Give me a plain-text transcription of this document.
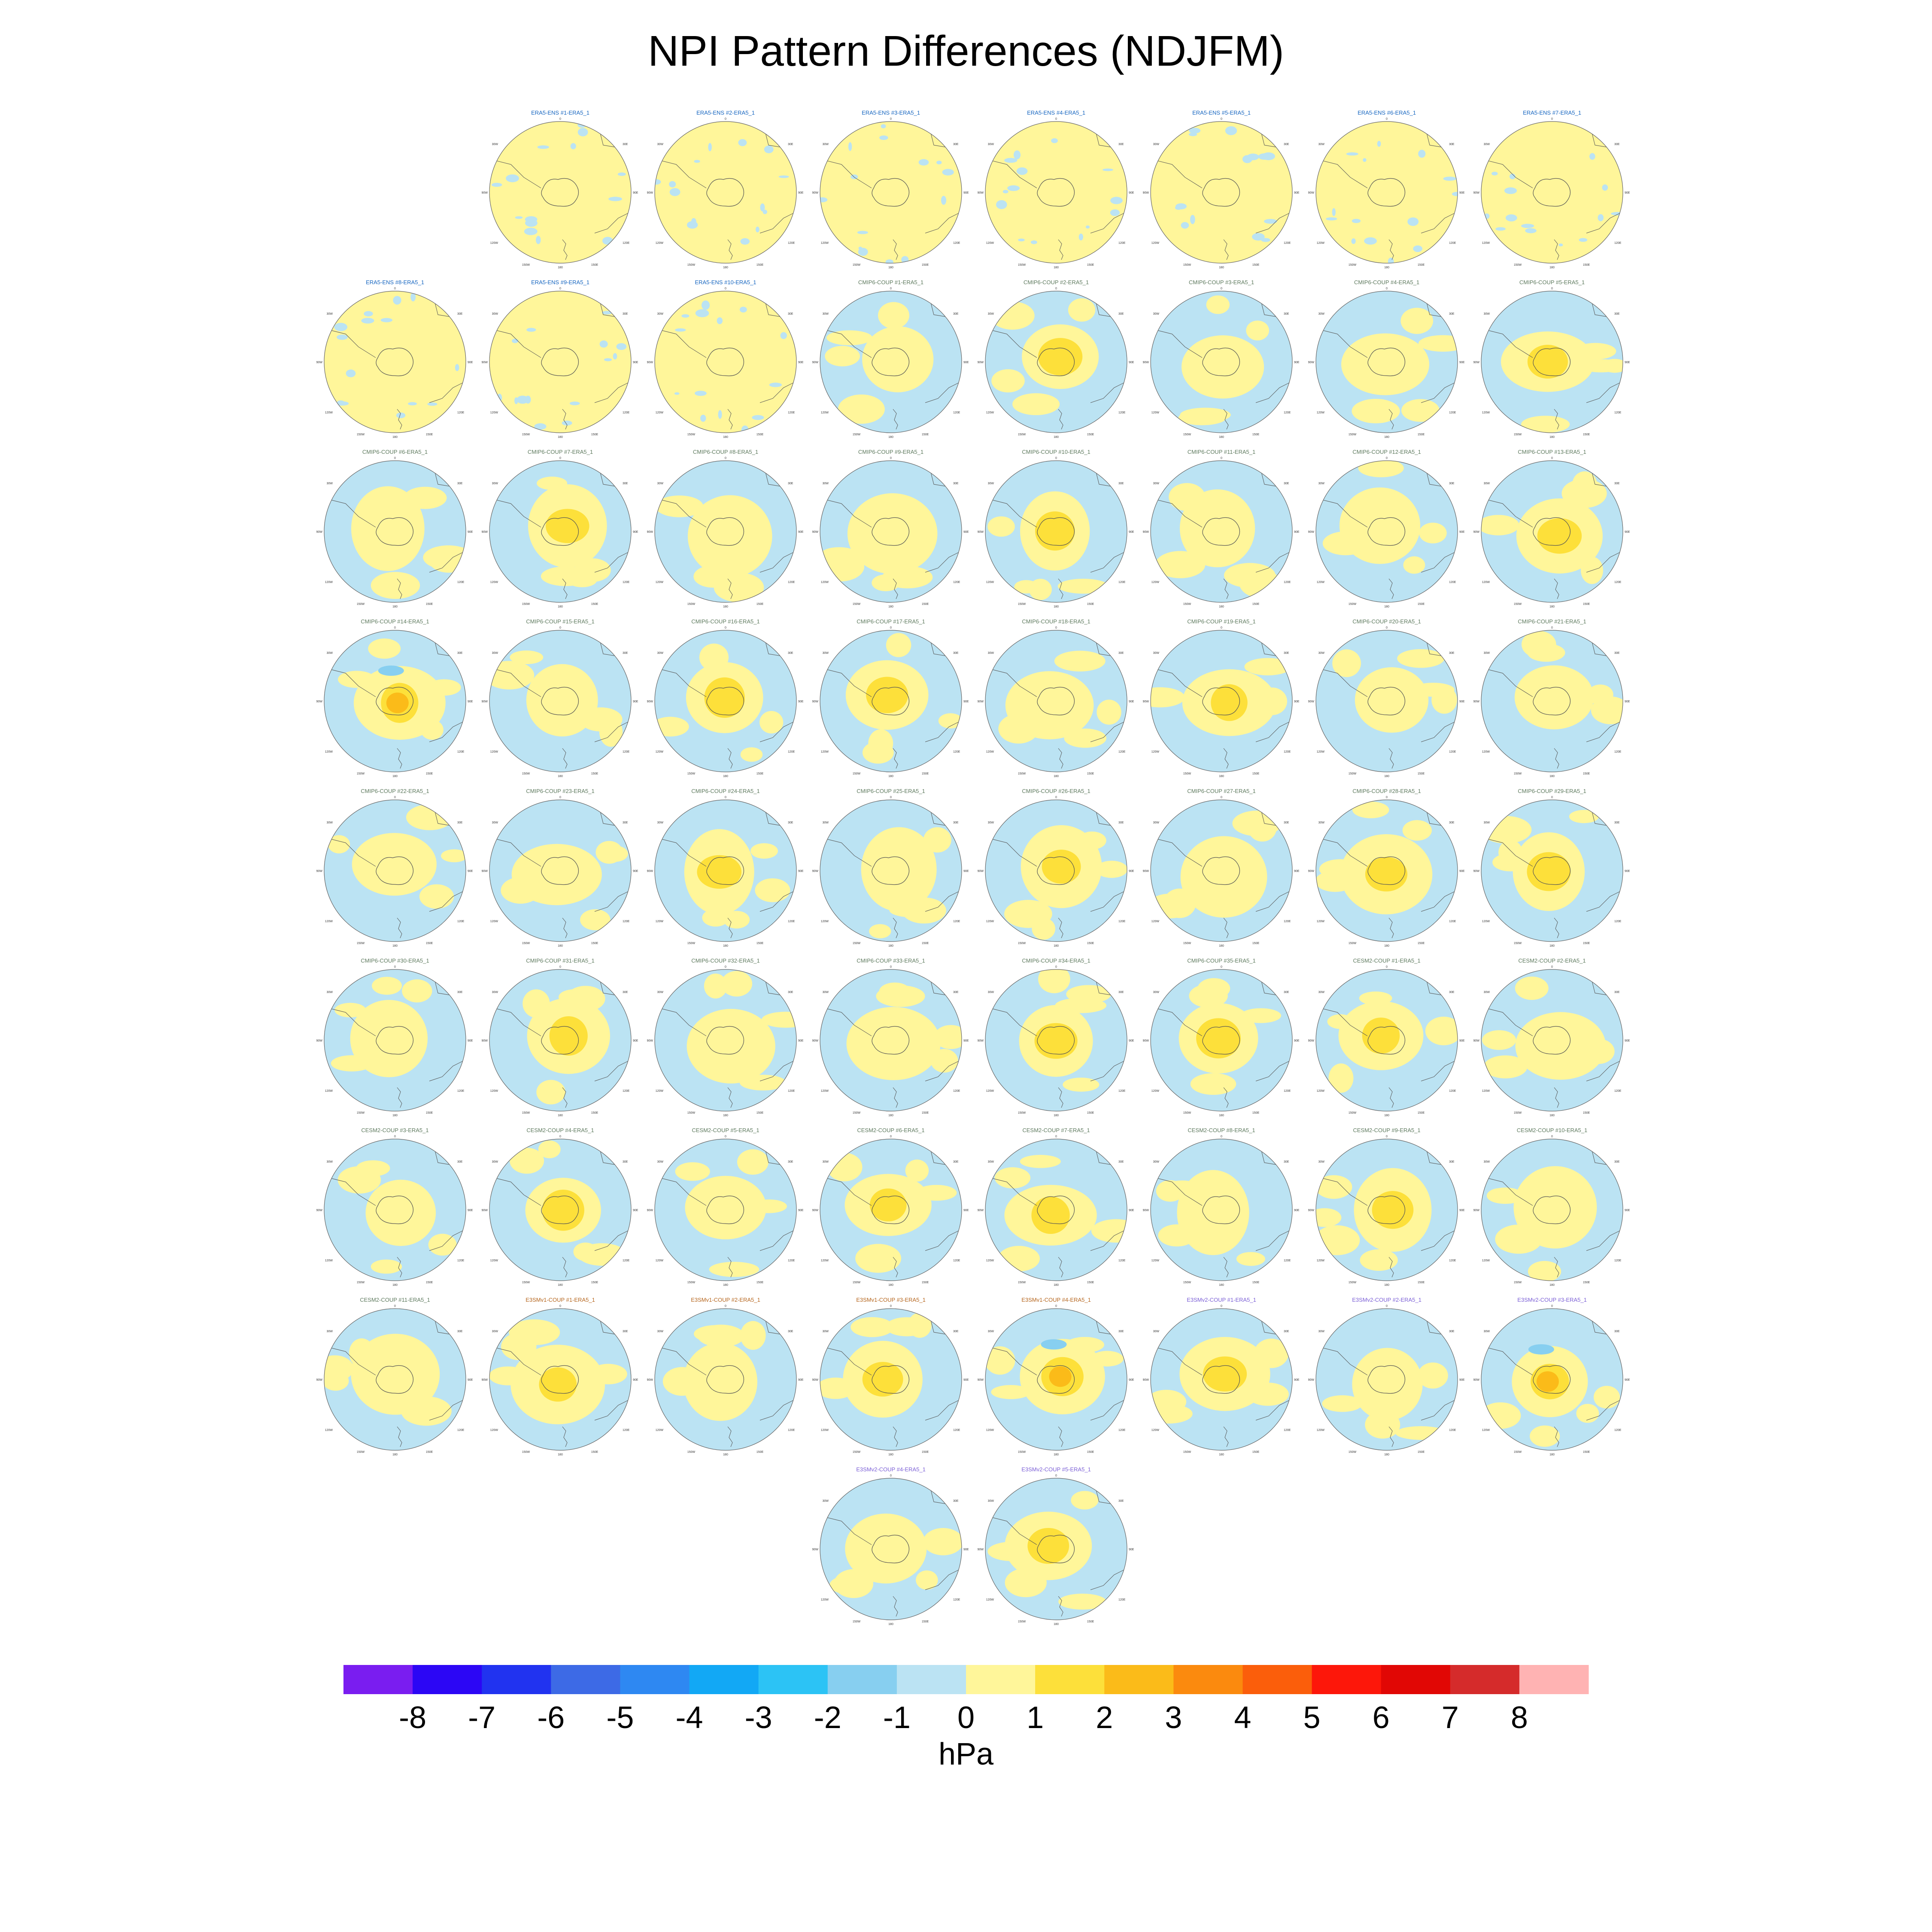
NPI Pattern Differences (NDJFM)
ERA5-ENS #1-ERA5_1
0
180
30W
90W
120W
30E
90E
120E
150W	150E
ERA5-ENS #2-ERA5_1
0
180
30W
90W
120W
30E
90E
120E
150W	150E
ERA5-ENS #3-ERA5_1
0
180
30W
90W
120W
30E
90E
120E
150W	150E
ERA5-ENS #4-ERA5_1
0
180
30W
90W
120W
30E
90E
120E
150W	150E
ERA5-ENS #5-ERA5_1
0
180
30W
90W
120W
30E
90E
120E
150W	150E
ERA5-ENS #6-ERA5_1
0
180
30W
90W
120W
30E
90E
120E
150W	150E
ERA5-ENS #7-ERA5_1
0
180
30W
90W
120W
30E
90E
120E
150W	150E
ERA5-ENS #8-ERA5_1
0
180
30W
90W
120W
30E
90E
120E
150W	150E
ERA5-ENS #9-ERA5_1
0
180
30W
90W
120W
30E
90E
120E
150W	150E
ERA5-ENS #10-ERA5_1
0
180
30W
90W
120W
30E
90E
120E
150W	150E
CMIP6-COUP #1-ERA5_1
0
180
30W
90W
120W
30E
90E
120E
150W	150E
CMIP6-COUP #2-ERA5_1
0
180
30W
90W
120W
30E
90E
120E
150W	150E
CMIP6-COUP #3-ERA5_1
0
180
30W
90W
120W
30E
90E
120E
150W	150E
CMIP6-COUP #4-ERA5_1
0
180
30W
90W
120W
30E
90E
120E
150W	150E
CMIP6-COUP #5-ERA5_1
0
180
30W
90W
120W
30E
90E
120E
150W	150E
CMIP6-COUP #6-ERA5_1
0
180
30W
90W
120W
30E
90E
120E
150W	150E
CMIP6-COUP #7-ERA5_1
0
180
30W
90W
120W
30E
90E
120E
150W	150E
CMIP6-COUP #8-ERA5_1
0
180
30W
90W
120W
30E
90E
120E
150W	150E
CMIP6-COUP #9-ERA5_1
0
180
30W
90W
120W
30E
90E
120E
150W	150E
CMIP6-COUP #10-ERA5_1
0
180
30W
90W
120W
30E
90E
120E
150W	150E
CMIP6-COUP #11-ERA5_1
0
180
30W
90W
120W
30E
90E
120E
150W	150E
CMIP6-COUP #12-ERA5_1
0
180
30W
90W
120W
30E
90E
120E
150W	150E
CMIP6-COUP #13-ERA5_1
0
180
30W
90W
120W
30E
90E
120E
150W	150E
CMIP6-COUP #14-ERA5_1
0
180
30W
90W
120W
30E
90E
120E
150W	150E
CMIP6-COUP #15-ERA5_1
0
180
30W
90W
120W
30E
90E
120E
150W	150E
CMIP6-COUP #16-ERA5_1
0
180
30W
90W
120W
30E
90E
120E
150W	150E
CMIP6-COUP #17-ERA5_1
0
180
30W
90W
120W
30E
90E
120E
150W	150E
CMIP6-COUP #18-ERA5_1
0
180
30W
90W
120W
30E
90E
120E
150W	150E
CMIP6-COUP #19-ERA5_1
0
180
30W
90W
120W
30E
90E
120E
150W	150E
CMIP6-COUP #20-ERA5_1
0
180
30W
90W
120W
30E
90E
120E
150W	150E
CMIP6-COUP #21-ERA5_1
0
180
30W
90W
120W
30E
90E
120E
150W	150E
CMIP6-COUP #22-ERA5_1
0
180
30W
90W
120W
30E
90E
120E
150W	150E
CMIP6-COUP #23-ERA5_1
0
180
30W
90W
120W
30E
90E
120E
150W	150E
CMIP6-COUP #24-ERA5_1
0
180
30W
90W
120W
30E
90E
120E
150W	150E
CMIP6-COUP #25-ERA5_1
0
180
30W
90W
120W
30E
90E
120E
150W	150E
CMIP6-COUP #26-ERA5_1
0
180
30W
90W
120W
30E
90E
120E
150W	150E
CMIP6-COUP #27-ERA5_1
0
180
30W
90W
120W
30E
90E
120E
150W	150E
CMIP6-COUP #28-ERA5_1
0
180
30W
90W
120W
30E
90E
120E
150W	150E
CMIP6-COUP #29-ERA5_1
0
180
30W
90W
120W
30E
90E
120E
150W	150E
CMIP6-COUP #30-ERA5_1
0
180
30W
90W
120W
30E
90E
120E
150W	150E
CMIP6-COUP #31-ERA5_1
0
180
30W
90W
120W
30E
90E
120E
150W	150E
CMIP6-COUP #32-ERA5_1
0
180
30W
90W
120W
30E
90E
120E
150W	150E
CMIP6-COUP #33-ERA5_1
0
180
30W
90W
120W
30E
90E
120E
150W	150E
CMIP6-COUP #34-ERA5_1
0
180
30W
90W
120W
30E
90E
120E
150W	150E
CMIP6-COUP #35-ERA5_1
0
180
30W
90W
120W
30E
90E
120E
150W	150E
CESM2-COUP #1-ERA5_1
0
180
30W
90W
120W
30E
90E
120E
150W	150E
CESM2-COUP #2-ERA5_1
0
180
30W
90W
120W
30E
90E
120E
150W	150E
CESM2-COUP #3-ERA5_1
0
180
30W
90W
120W
30E
90E
120E
150W	150E
CESM2-COUP #4-ERA5_1
0
180
30W
90W
120W
30E
90E
120E
150W	150E
CESM2-COUP #5-ERA5_1
0
180
30W
90W
120W
30E
90E
120E
150W	150E
CESM2-COUP #6-ERA5_1
0
180
30W
90W
120W
30E
90E
120E
150W	150E
CESM2-COUP #7-ERA5_1
0
180
30W
90W
120W
30E
90E
120E
150W	150E
CESM2-COUP #8-ERA5_1
0
180
30W
90W
120W
30E
90E
120E
150W	150E
CESM2-COUP #9-ERA5_1
0
180
30W
90W
120W
30E
90E
120E
150W	150E
CESM2-COUP #10-ERA5_1
0
180
30W
90W
120W
30E
90E
120E
150W	150E
CESM2-COUP #11-ERA5_1
0
180
30W
90W
120W
30E
90E
120E
150W	150E
E3SMv1-COUP #1-ERA5_1
0
180
30W
90W
120W
30E
90E
120E
150W	150E
E3SMv1-COUP #2-ERA5_1
0
180
30W
90W
120W
30E
90E
120E
150W	150E
E3SMv1-COUP #3-ERA5_1
0
180
30W
90W
120W
30E
90E
120E
150W	150E
E3SMv1-COUP #4-ERA5_1
0
180
30W
90W
120W
30E
90E
120E
150W	150E
E3SMv2-COUP #1-ERA5_1
0
180
30W
90W
120W
30E
90E
120E
150W	150E
E3SMv2-COUP #2-ERA5_1
0
180
30W
90W
120W
30E
90E
120E
150W	150E
E3SMv2-COUP #3-ERA5_1
0
180
30W
90W
120W
30E
90E
120E
150W	150E
E3SMv2-COUP #4-ERA5_1
0
180
30W
90W
120W
30E
90E
120E
150W	150E
E3SMv2-COUP #5-ERA5_1
0
180
30W
90W
120W
30E
90E
120E
150W	150E
-8 -7 -6 -5 -4 -3 -2 -1 0 1 2 3 4 5 6 7 8
hPa
